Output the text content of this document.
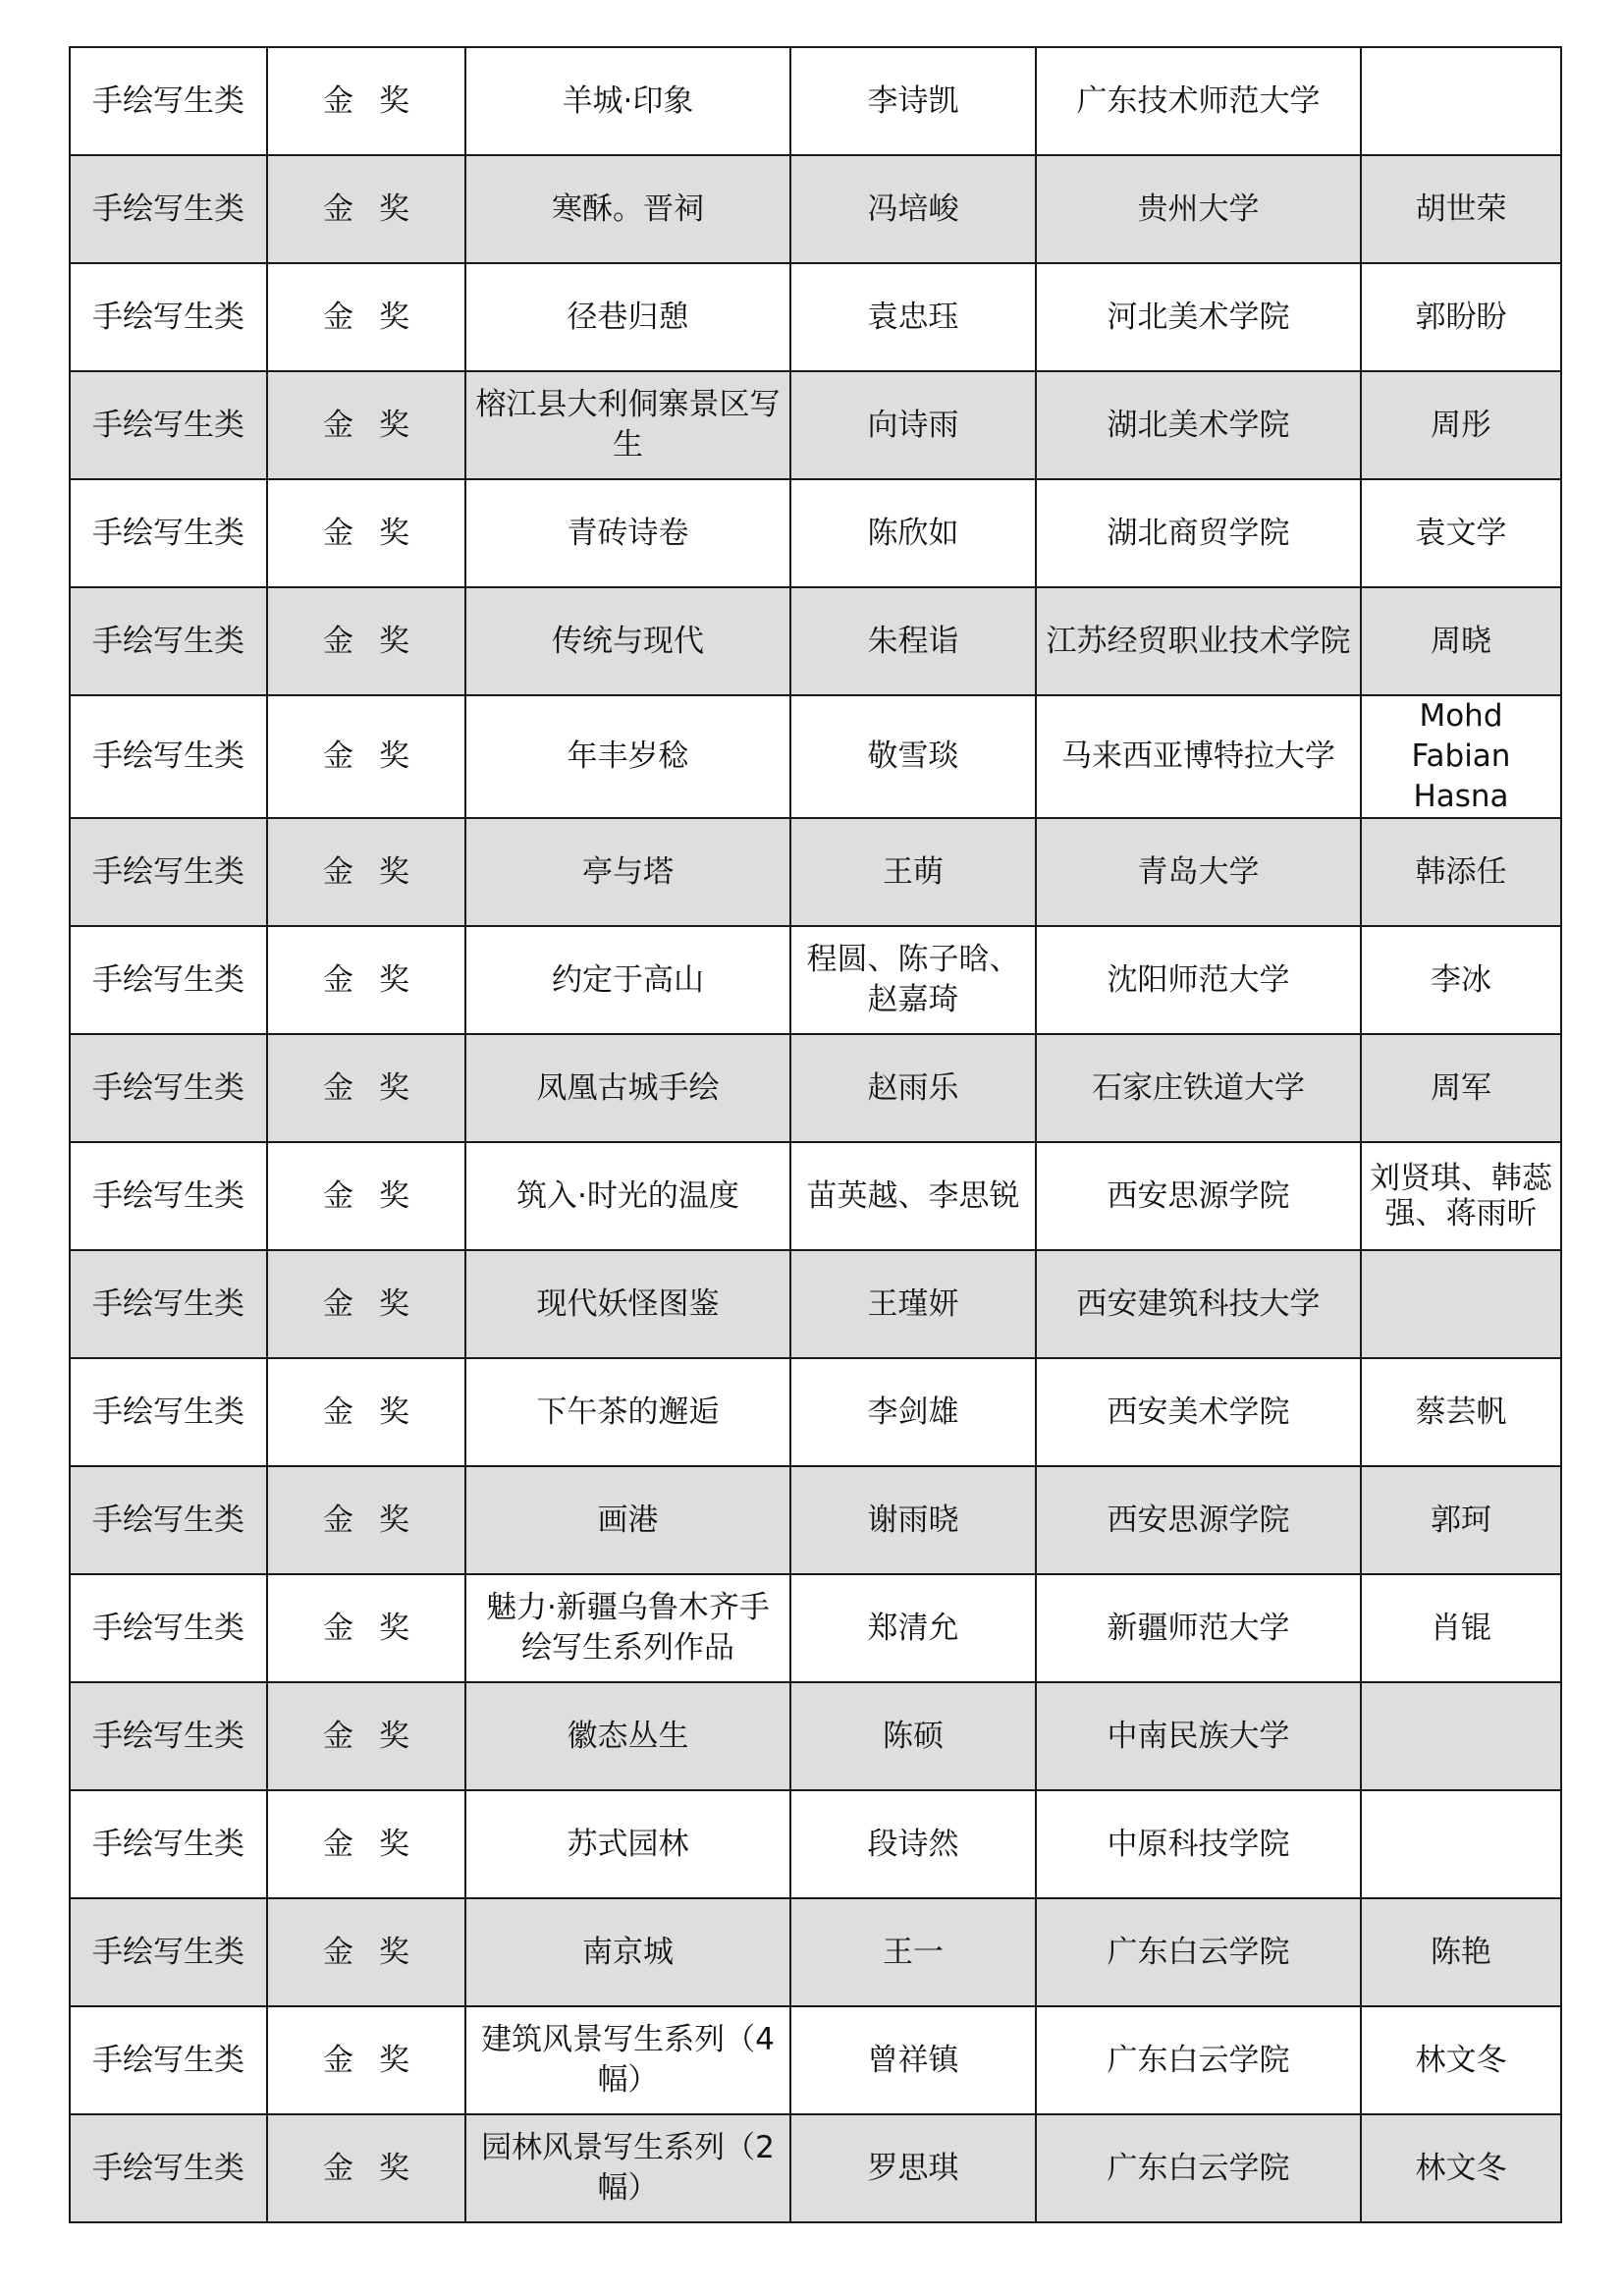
手绘写生类	金奖	羊城·印象	李诗凯	广东技术师范大学	
手绘写生类	金奖	寒酥。晋祠	冯培峻	贵州大学	胡世荣
手绘写生类	金奖	径巷归憩	袁忠珏	河北美术学院	郭盼盼
手绘写生类	金奖	榕江县大利侗寨景区写生	向诗雨	湖北美术学院	周彤
手绘写生类	金奖	青砖诗卷	陈欣如	湖北商贸学院	袁文学
手绘写生类	金奖	传统与现代	朱程诣	江苏经贸职业技术学院	周晓
手绘写生类	金奖	年丰岁稔	敬雪琰	马来西亚博特拉大学	Mohd Fabian Hasna
手绘写生类	金奖	亭与塔	王萌	青岛大学	韩添任
手绘写生类	金奖	约定于高山	程圆、陈子晗、赵嘉琦	沈阳师范大学	李冰
手绘写生类	金奖	凤凰古城手绘	赵雨乐	石家庄铁道大学	周军
手绘写生类	金奖	筑入·时光的温度	苗英越、李思锐	西安思源学院	刘贤琪、韩蕊强、蒋雨昕
手绘写生类	金奖	现代妖怪图鉴	王瑾妍	西安建筑科技大学	
手绘写生类	金奖	下午茶的邂逅	李剑雄	西安美术学院	蔡芸帆
手绘写生类	金奖	画港	谢雨晓	西安思源学院	郭珂
手绘写生类	金奖	魅力·新疆乌鲁木齐手绘写生系列作品	郑清允	新疆师范大学	肖锟
手绘写生类	金奖	徽态丛生	陈硕	中南民族大学	
手绘写生类	金奖	苏式园林	段诗然	中原科技学院	
手绘写生类	金奖	南京城	王一	广东白云学院	陈艳
手绘写生类	金奖	建筑风景写生系列（4幅）	曾祥镇	广东白云学院	林文冬
手绘写生类	金奖	园林风景写生系列（2幅）	罗思琪	广东白云学院	林文冬
